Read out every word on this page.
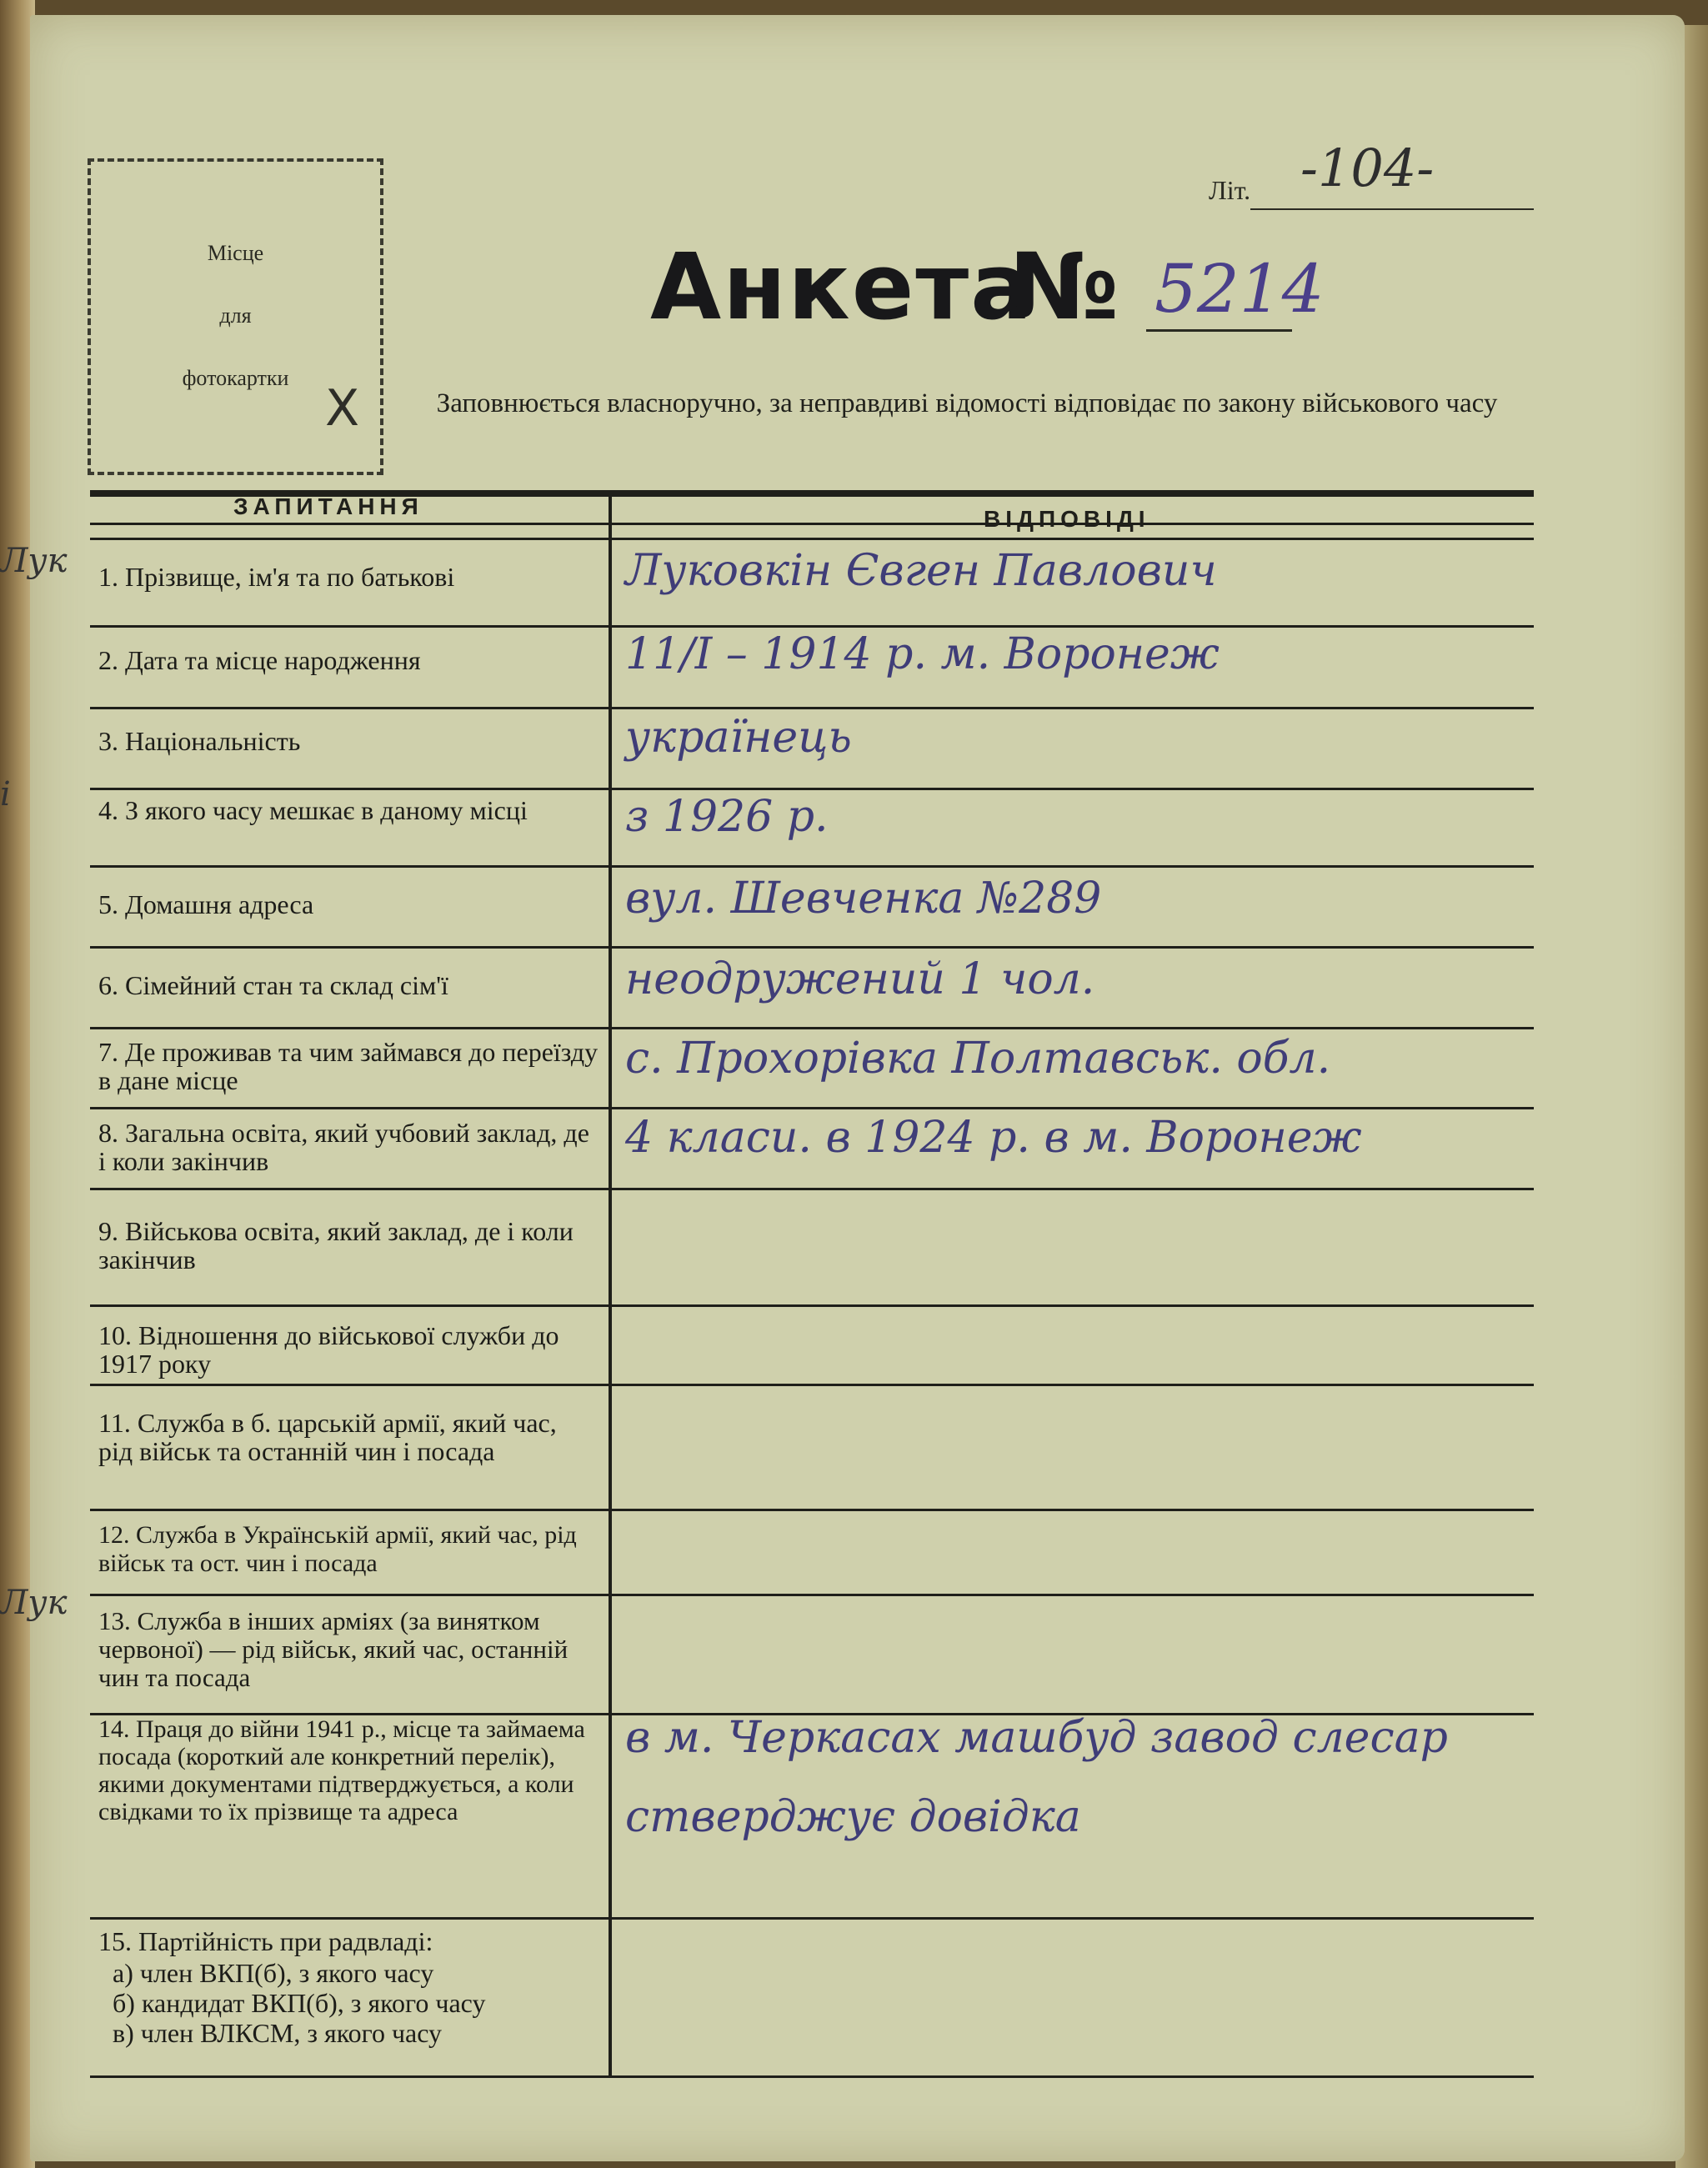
Лук
і
Лук
Місце
для
фотокартки
X
Літ. -104-
Анкета
№ 5214
Заповнюється власноручно, за неправдиві відомості відповідає по закону військового часу
ЗАПИТАННЯ	ВІДПОВІДІ
1. Прізвище, ім'я та по батькові
2. Дата та місце народження
3. Національність
4. З якого часу мешкає в даному місці
5. Домашня адреса
6. Сімейний стан та склад сім'ї
7. Де проживав та чим займався до переїзду в дане місце
8. Загальна освіта, який учбовий заклад, де і коли закінчив
9. Військова освіта, який заклад, де і коли закінчив
10. Відношення до військової служби до 1917 року
11. Служба в б. царській армії, який час, рід військ та останній чин і посада
12. Служба в Українській армії, який час, рід військ та ост. чин і посада
13. Служба в інших арміях (за винятком червоної) — рід військ, який час, останній чин та посада
14. Праця до війни 1941 р., місце та займаема посада (короткий але конкретний перелік), якими документами підтверджується, а коли свідками то їх прізвище та адреса
15. Партійність при радвладі:
а) член ВКП(б), з якого часу
б) кандидат ВКП(б), з якого часу
в) член ВЛКСМ, з якого часу
Луковкін Євген Павлович
11/I – 1914 р. м. Воронеж
українець
з 1926 р.
вул. Шевченка №289
неодружений 1 чол.
с. Прохорівка Полтавськ. обл.
4 класи. в 1924 р. в м. Воронеж
в м. Черкасах машбуд завод слесар
стверджує довідка
